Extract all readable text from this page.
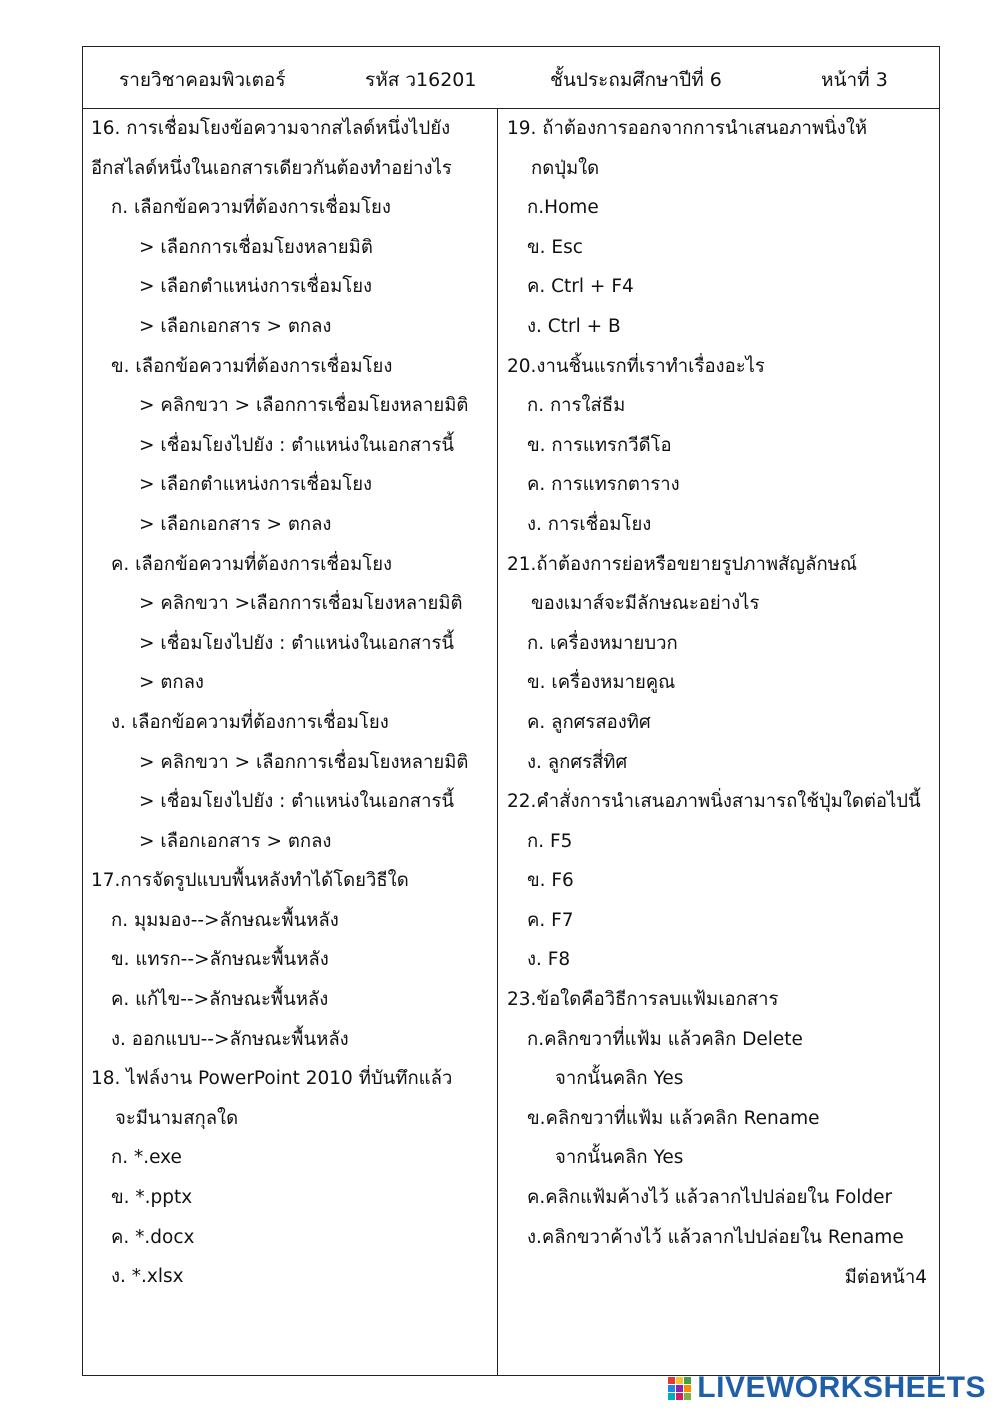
รายวิชาคอมพิวเตอร์	รหัส ว16201	ชั้นประถมศึกษาปีที่ 6	หน้าที่ 3
16. การเชื่อมโยงข้อความจากสไลด์หนึ่งไปยัง
อีกสไลด์หนึ่งในเอกสารเดียวกันต้องทำอย่างไร
ก. เลือกข้อความที่ต้องการเชื่อมโยง
> เลือกการเชื่อมโยงหลายมิติ
> เลือกตำแหน่งการเชื่อมโยง
> เลือกเอกสาร > ตกลง
ข. เลือกข้อความที่ต้องการเชื่อมโยง
> คลิกขวา > เลือกการเชื่อมโยงหลายมิติ
> เชื่อมโยงไปยัง : ตำแหน่งในเอกสารนี้
> เลือกตำแหน่งการเชื่อมโยง
> เลือกเอกสาร > ตกลง
ค. เลือกข้อความที่ต้องการเชื่อมโยง
> คลิกขวา >เลือกการเชื่อมโยงหลายมิติ
> เชื่อมโยงไปยัง : ตำแหน่งในเอกสารนี้
> ตกลง
ง. เลือกข้อความที่ต้องการเชื่อมโยง
> คลิกขวา > เลือกการเชื่อมโยงหลายมิติ
> เชื่อมโยงไปยัง : ตำแหน่งในเอกสารนี้
> เลือกเอกสาร > ตกลง
17.การจัดรูปแบบพื้นหลังทำได้โดยวิธีใด
ก. มุมมอง-->ลักษณะพื้นหลัง
ข. แทรก-->ลักษณะพื้นหลัง
ค. แก้ไข-->ลักษณะพื้นหลัง
ง. ออกแบบ-->ลักษณะพื้นหลัง
18. ไฟล์งาน PowerPoint 2010 ที่บันทึกแล้ว
จะมีนามสกุลใด
ก. *.exe
ข. *.pptx
ค. *.docx
ง. *.xlsx
19. ถ้าต้องการออกจากการนำเสนอภาพนิ่งให้
กดปุ่มใด
ก.Home
ข. Esc
ค. Ctrl + F4
ง. Ctrl + B
20.งานชิ้นแรกที่เราทำเรื่องอะไร
ก. การใส่ธีม
ข. การแทรกวีดีโอ
ค. การแทรกตาราง
ง. การเชื่อมโยง
21.ถ้าต้องการย่อหรือขยายรูปภาพสัญลักษณ์
ของเมาส์จะมีลักษณะอย่างไร
ก. เครื่องหมายบวก
ข. เครื่องหมายคูณ
ค. ลูกศรสองทิศ
ง. ลูกศรสี่ทิศ
22.คำสั่งการนำเสนอภาพนิ่งสามารถใช้ปุ่มใดต่อไปนี้
ก. F5
ข. F6
ค. F7
ง. F8
23.ข้อใดคือวิธีการลบแฟ้มเอกสาร
ก.คลิกขวาที่แฟ้ม แล้วคลิก Delete
จากนั้นคลิก Yes
ข.คลิกขวาที่แฟ้ม แล้วคลิก Rename
จากนั้นคลิก Yes
ค.คลิกแฟ้มค้างไว้ แล้วลากไปปล่อยใน Folder
ง.คลิกขวาค้างไว้ แล้วลากไปปล่อยใน Rename
มีต่อหน้า4
LIVEWORKSHEETS
